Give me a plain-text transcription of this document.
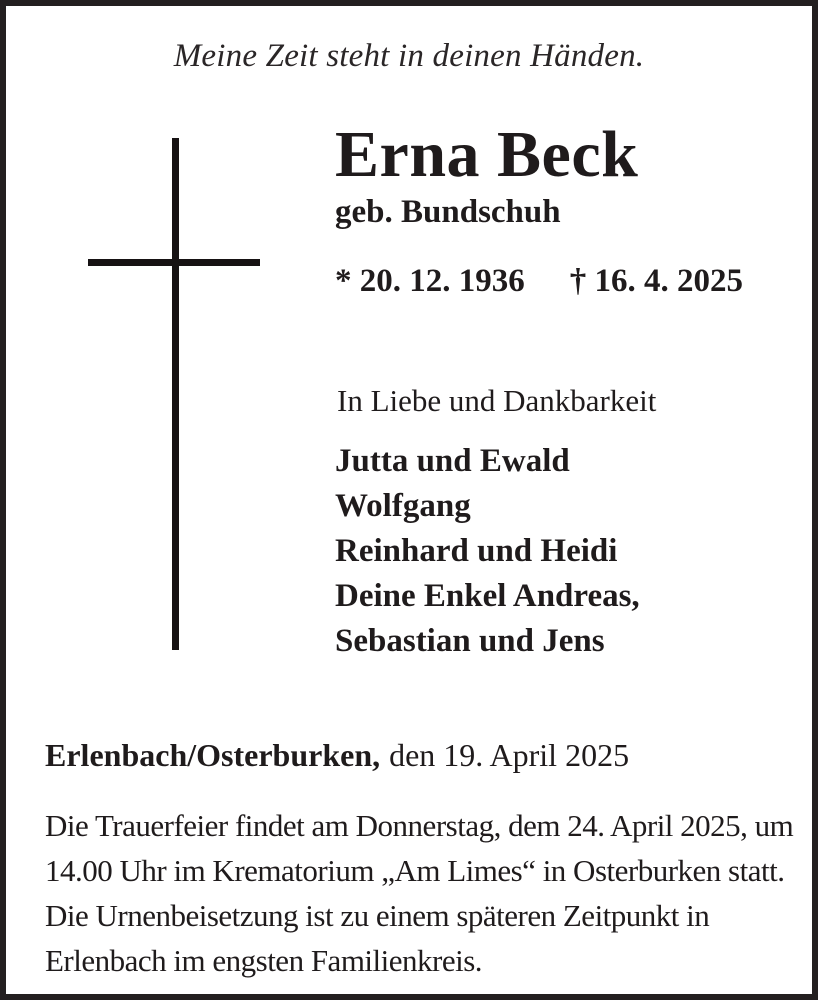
Meine Zeit steht in deinen Händen.
Erna Beck
geb. Bundschuh
* 20. 12. 1936 † 16. 4. 2025
In Liebe und Dankbarkeit
Jutta und Ewald
Wolfgang
Reinhard und Heidi
Deine Enkel Andreas,
Sebastian und Jens
Erlenbach/Osterburken, den 19. April 2025
Die Trauerfeier findet am Donnerstag, dem 24. April 2025, um
14.00 Uhr im Krematorium „Am Limes“ in Osterburken statt.
Die Urnenbeisetzung ist zu einem späteren Zeitpunkt in
Erlenbach im engsten Familienkreis.
